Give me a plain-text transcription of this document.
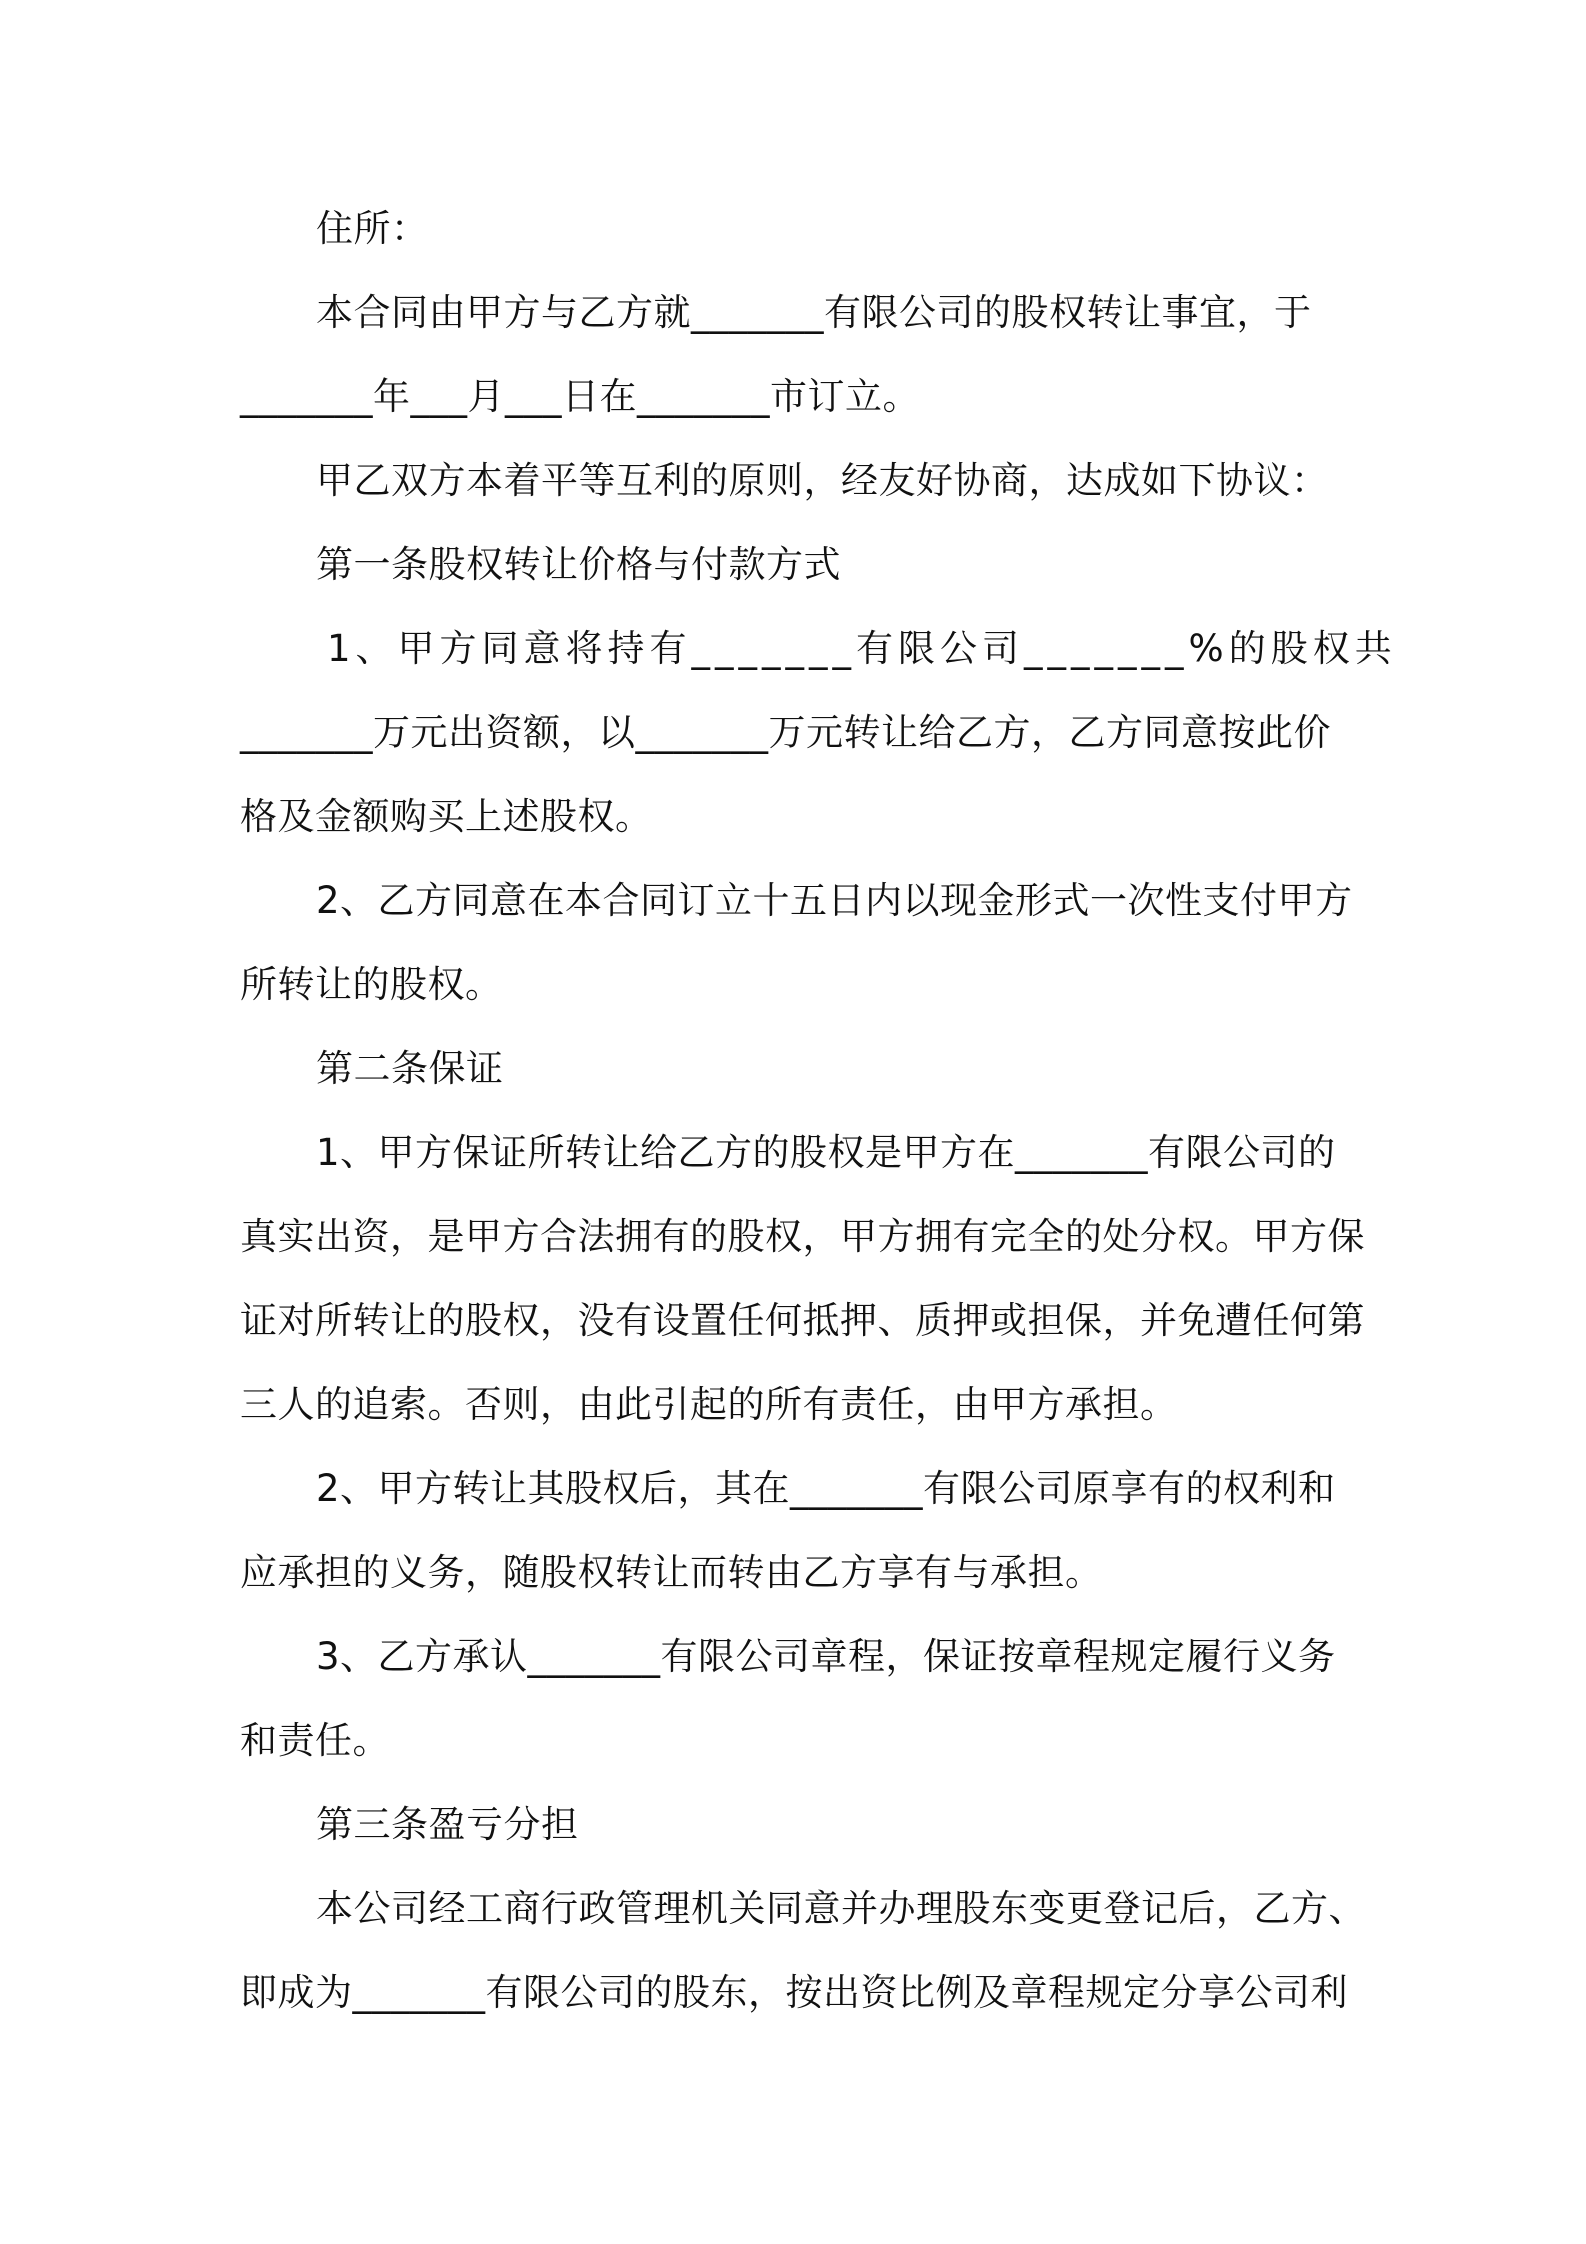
住所：
本合同由甲方与乙方就_______有限公司的股权转让事宜，于
_______年___月___日在_______市订立。
甲乙双方本着平等互利的原则，经友好协商，达成如下协议：
第一条股权转让价格与付款方式
1、甲方同意将持有_______有限公司_______%的股权共
_______万元出资额，以_______万元转让给乙方，乙方同意按此价
格及金额购买上述股权。
2、乙方同意在本合同订立十五日内以现金形式一次性支付甲方
所转让的股权。
第二条保证
1、甲方保证所转让给乙方的股权是甲方在_______有限公司的
真实出资，是甲方合法拥有的股权，甲方拥有完全的处分权。甲方保
证对所转让的股权，没有设置任何抵押、质押或担保，并免遭任何第
三人的追索。否则，由此引起的所有责任，由甲方承担。
2、甲方转让其股权后，其在_______有限公司原享有的权利和
应承担的义务，随股权转让而转由乙方享有与承担。
3、乙方承认_______有限公司章程，保证按章程规定履行义务
和责任。
第三条盈亏分担
本公司经工商行政管理机关同意并办理股东变更登记后，乙方、
即成为_______有限公司的股东，按出资比例及章程规定分享公司利
